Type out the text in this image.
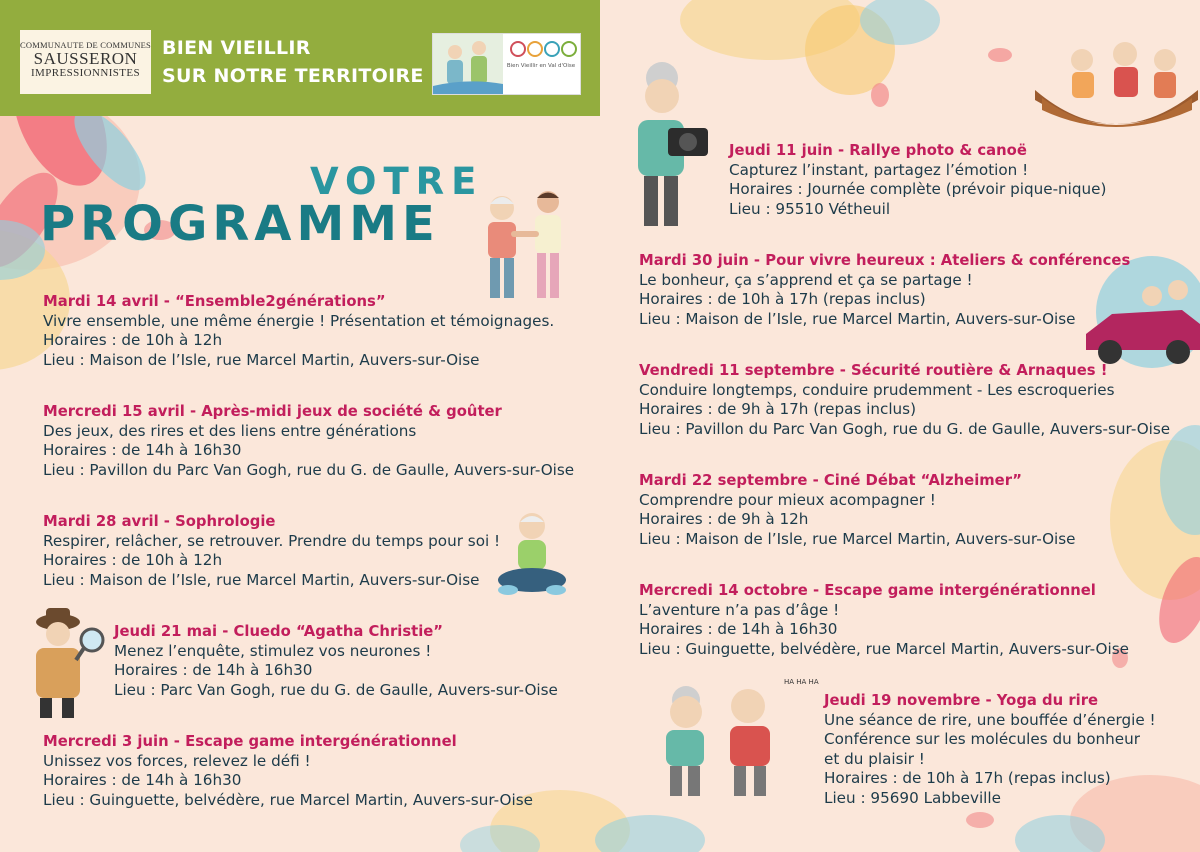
COMMUNAUTE DE COMMUNES
SAUSSERON
IMPRESSIONNISTES
BIEN VIEILLIR
SUR NOTRE TERRITOIRE	Bien Vieillir en Val d'Oise
VOTRE
PROGRAMME
HA HA HA
Mardi 14 avril - “Ensemble2générations”
Vivre ensemble, une même énergie ! Présentation et témoignages.
Horaires : de 10h à 12h
Lieu : Maison de l’Isle, rue Marcel Martin, Auvers-sur-Oise
Mercredi 15 avril - Après-midi jeux de société & goûter
Des jeux, des rires et des liens entre générations
Horaires : de 14h à 16h30
Lieu : Pavillon du Parc Van Gogh, rue du G. de Gaulle, Auvers-sur-Oise
Mardi 28 avril - Sophrologie
Respirer, relâcher, se retrouver. Prendre du temps pour soi !
Horaires : de 10h à 12h
Lieu : Maison de l’Isle, rue Marcel Martin, Auvers-sur-Oise
Jeudi 21 mai - Cluedo “Agatha Christie”
Menez l’enquête, stimulez vos neurones !
Horaires : de 14h à 16h30
Lieu : Parc Van Gogh, rue du G. de Gaulle, Auvers-sur-Oise
Mercredi 3 juin - Escape game intergénérationnel
Unissez vos forces, relevez le défi !
Horaires : de 14h à 16h30
Lieu : Guinguette, belvédère, rue Marcel Martin, Auvers-sur-Oise
Jeudi 11 juin - Rallye photo & canoë
Capturez l’instant, partagez l’émotion !
Horaires : Journée complète (prévoir pique-nique)
Lieu : 95510 Vétheuil
Mardi 30 juin - Pour vivre heureux : Ateliers & conférences
Le bonheur, ça s’apprend et ça se partage !
Horaires : de 10h à 17h (repas inclus)
Lieu : Maison de l’Isle, rue Marcel Martin, Auvers-sur-Oise
Vendredi 11 septembre - Sécurité routière & Arnaques !
Conduire longtemps, conduire prudemment - Les escroqueries
Horaires : de 9h à 17h (repas inclus)
Lieu : Pavillon du Parc Van Gogh, rue du G. de Gaulle, Auvers-sur-Oise
Mardi 22 septembre - Ciné Débat “Alzheimer”
Comprendre pour mieux acompagner !
Horaires : de 9h à 12h
Lieu : Maison de l’Isle, rue Marcel Martin, Auvers-sur-Oise
Mercredi 14 octobre - Escape game intergénérationnel
L’aventure n’a pas d’âge !
Horaires : de 14h à 16h30
Lieu : Guinguette, belvédère, rue Marcel Martin, Auvers-sur-Oise
Jeudi 19 novembre - Yoga du rire
Une séance de rire, une bouffée d’énergie !
Conférence sur les molécules du bonheur
et du plaisir !
Horaires : de 10h à 17h (repas inclus)
Lieu : 95690 Labbeville
